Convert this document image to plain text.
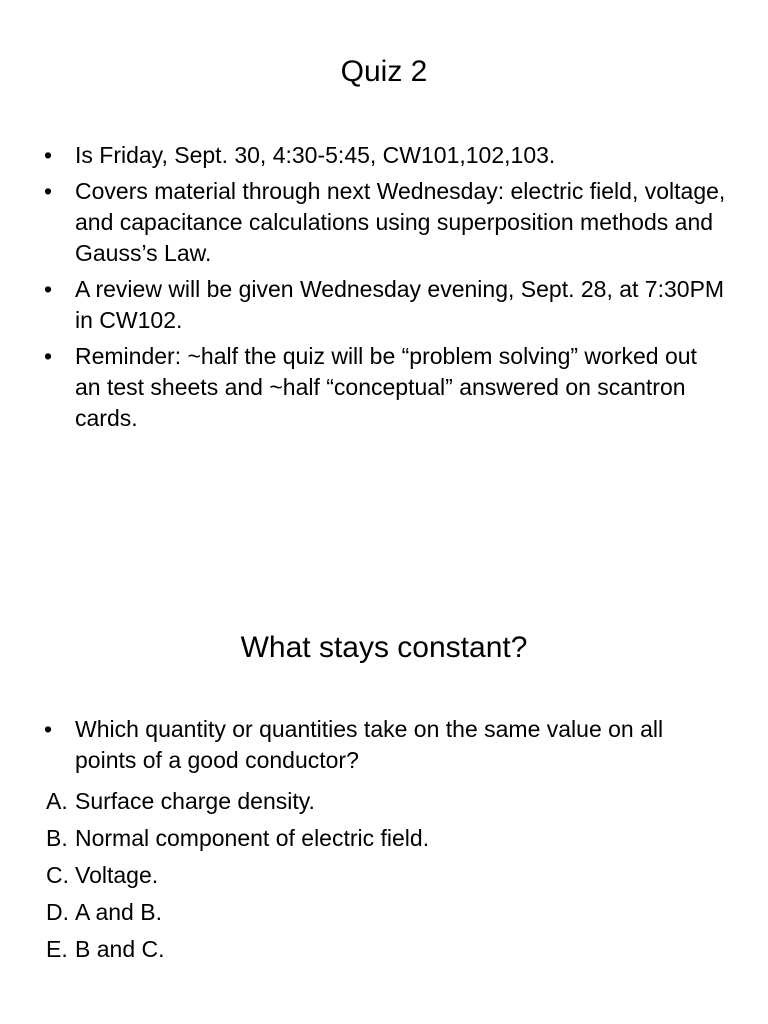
Quiz 2
• Is Friday, Sept. 30, 4:30-5:45, CW101,102,103.
• Covers material through next Wednesday: electric field, voltage, and capacitance calculations using superposition methods and Gauss’s Law.
• A review will be given Wednesday evening, Sept. 28, at 7:30PM in CW102.
• Reminder: ~half the quiz will be “problem solving” worked out an test sheets and ~half “conceptual” answered on scantron cards.
What stays constant?
• Which quantity or quantities take on the same value on all points of a good conductor?
A. Surface charge density.
B. Normal component of electric field.
C. Voltage.
D. A and B.
E. B and C.
